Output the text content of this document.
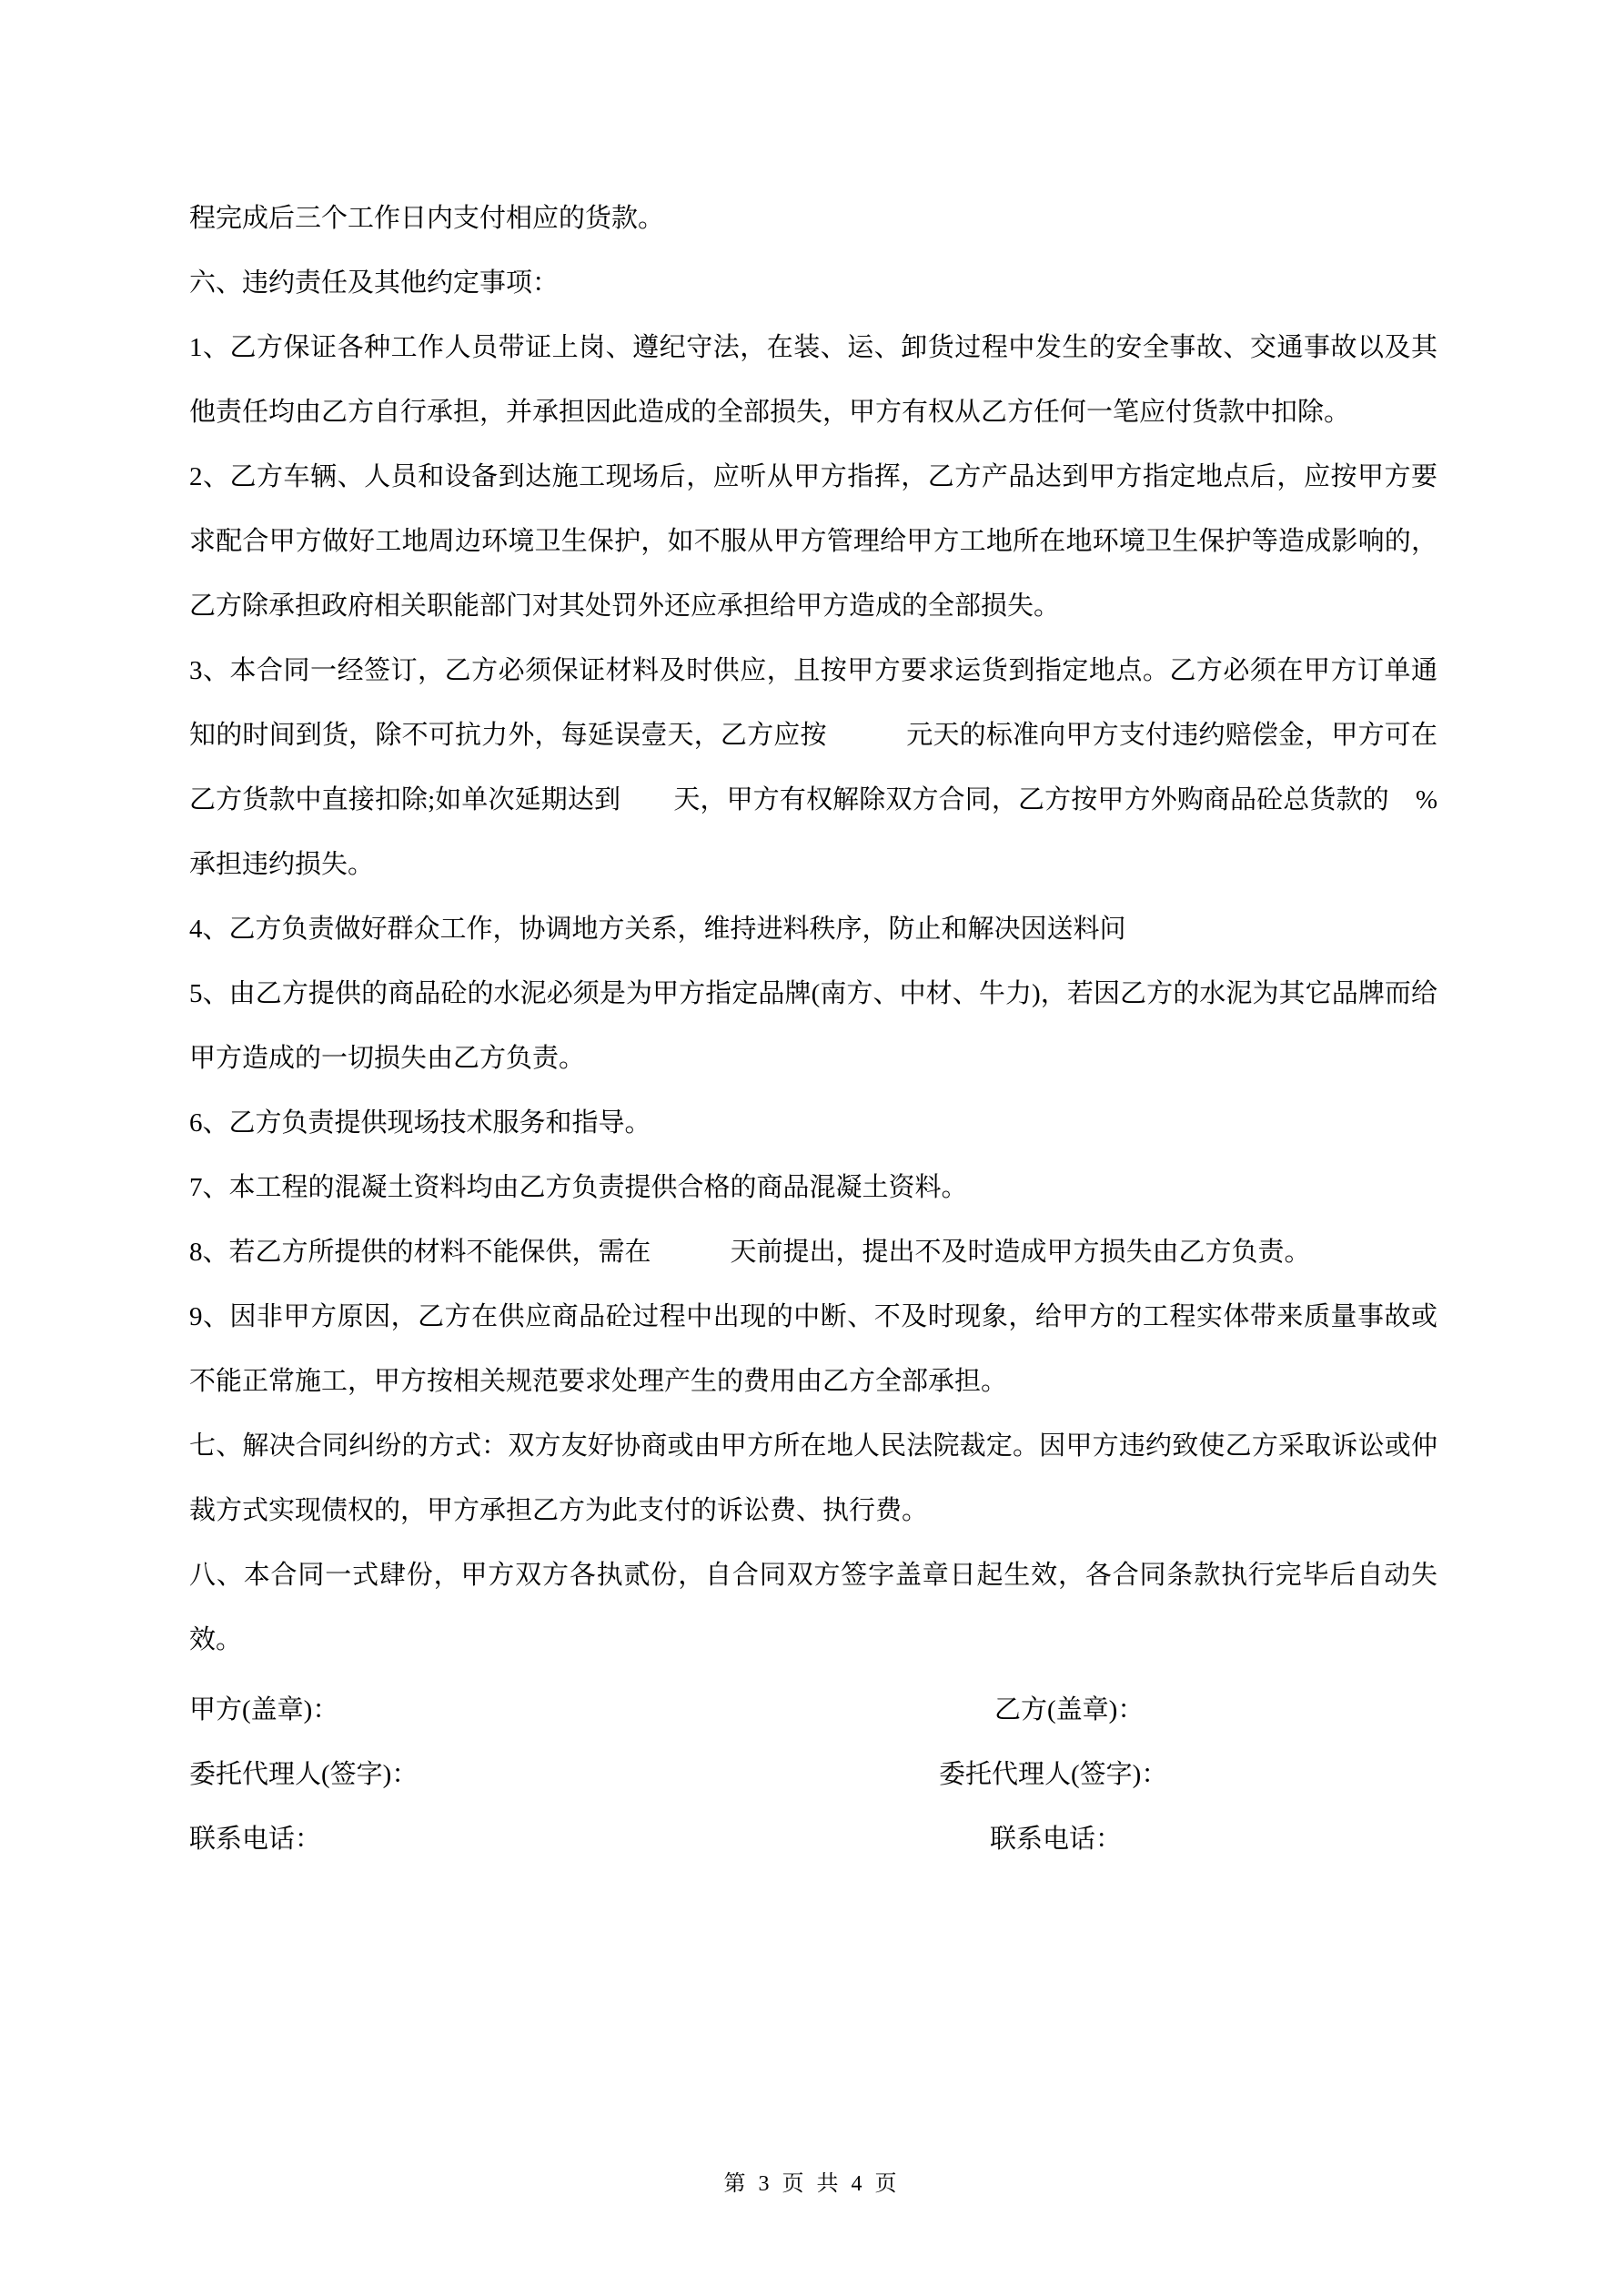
程完成后三个工作日内支付相应的货款。

六、违约责任及其他约定事项：

1、乙方保证各种工作人员带证上岗、遵纪守法，在装、运、卸货过程中发生的安全事故、交通事故以及其他责任均由乙方自行承担，并承担因此造成的全部损失，甲方有权从乙方任何一笔应付货款中扣除。

2、乙方车辆、人员和设备到达施工现场后，应听从甲方指挥，乙方产品达到甲方指定地点后，应按甲方要求配合甲方做好工地周边环境卫生保护，如不服从甲方管理给甲方工地所在地环境卫生保护等造成影响的，乙方除承担政府相关职能部门对其处罚外还应承担给甲方造成的全部损失。

3、本合同一经签订，乙方必须保证材料及时供应，且按甲方要求运货到指定地点。乙方必须在甲方订单通知的时间到货，除不可抗力外，每延误壹天，乙方应按　　　元天的标准向甲方支付违约赔偿金，甲方可在乙方货款中直接扣除;如单次延期达到　　天，甲方有权解除双方合同，乙方按甲方外购商品砼总货款的　%承担违约损失。

4、乙方负责做好群众工作，协调地方关系，维持进料秩序，防止和解决因送料问

5、由乙方提供的商品砼的水泥必须是为甲方指定品牌(南方、中材、牛力)，若因乙方的水泥为其它品牌而给甲方造成的一切损失由乙方负责。

6、乙方负责提供现场技术服务和指导。

7、本工程的混凝土资料均由乙方负责提供合格的商品混凝土资料。

8、若乙方所提供的材料不能保供，需在　　　天前提出，提出不及时造成甲方损失由乙方负责。

9、因非甲方原因，乙方在供应商品砼过程中出现的中断、不及时现象，给甲方的工程实体带来质量事故或不能正常施工，甲方按相关规范要求处理产生的费用由乙方全部承担。

七、解决合同纠纷的方式：双方友好协商或由甲方所在地人民法院裁定。因甲方违约致使乙方采取诉讼或仲裁方式实现债权的，甲方承担乙方为此支付的诉讼费、执行费。

八、本合同一式肆份，甲方双方各执贰份，自合同双方签字盖章日起生效，各合同条款执行完毕后自动失效。

甲方(盖章)：	乙方(盖章)：
委托代理人(签字)：	委托代理人(签字)：
联系电话：	联系电话：
第 3 页 共 4 页
